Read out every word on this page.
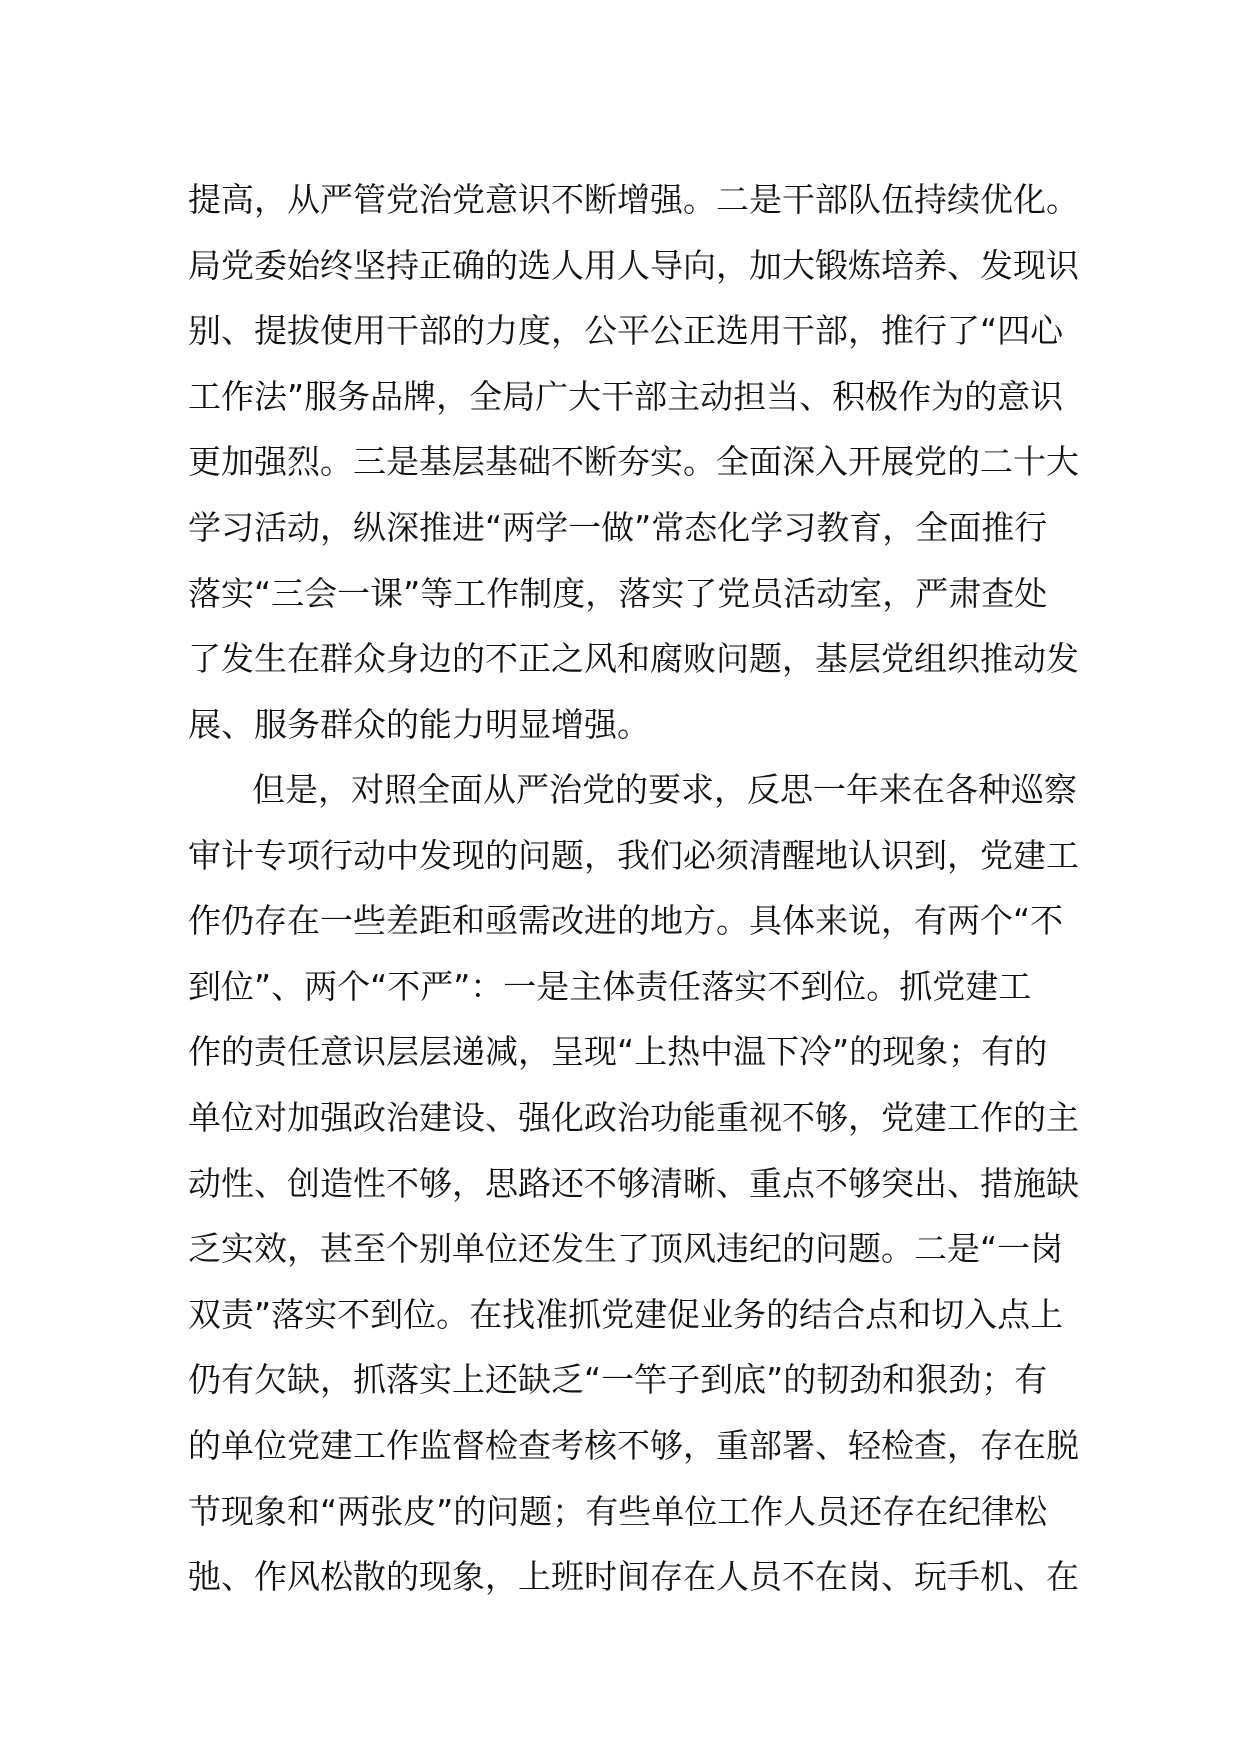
提高，从严管党治党意识不断增强。二是干部队伍持续优化。
局党委始终坚持正确的选人用人导向，加大锻炼培养、发现识
别、提拔使用干部的力度，公平公正选用干部，推行了“四心
工作法”服务品牌，全局广大干部主动担当、积极作为的意识
更加强烈。三是基层基础不断夯实。全面深入开展党的二十大
学习活动，纵深推进“两学一做”常态化学习教育，全面推行
落实“三会一课”等工作制度，落实了党员活动室，严肃查处
了发生在群众身边的不正之风和腐败问题，基层党组织推动发
展、服务群众的能力明显增强。
但是，对照全面从严治党的要求，反思一年来在各种巡察
审计专项行动中发现的问题，我们必须清醒地认识到，党建工
作仍存在一些差距和亟需改进的地方。具体来说，有两个“不
到位”、两个“不严”：一是主体责任落实不到位。抓党建工
作的责任意识层层递减，呈现“上热中温下冷”的现象；有的
单位对加强政治建设、强化政治功能重视不够，党建工作的主
动性、创造性不够，思路还不够清晰、重点不够突出、措施缺
乏实效，甚至个别单位还发生了顶风违纪的问题。二是“一岗
双责”落实不到位。在找准抓党建促业务的结合点和切入点上
仍有欠缺，抓落实上还缺乏“一竿子到底”的韧劲和狠劲；有
的单位党建工作监督检查考核不够，重部署、轻检查，存在脱
节现象和“两张皮”的问题；有些单位工作人员还存在纪律松
弛、作风松散的现象，上班时间存在人员不在岗、玩手机、在
